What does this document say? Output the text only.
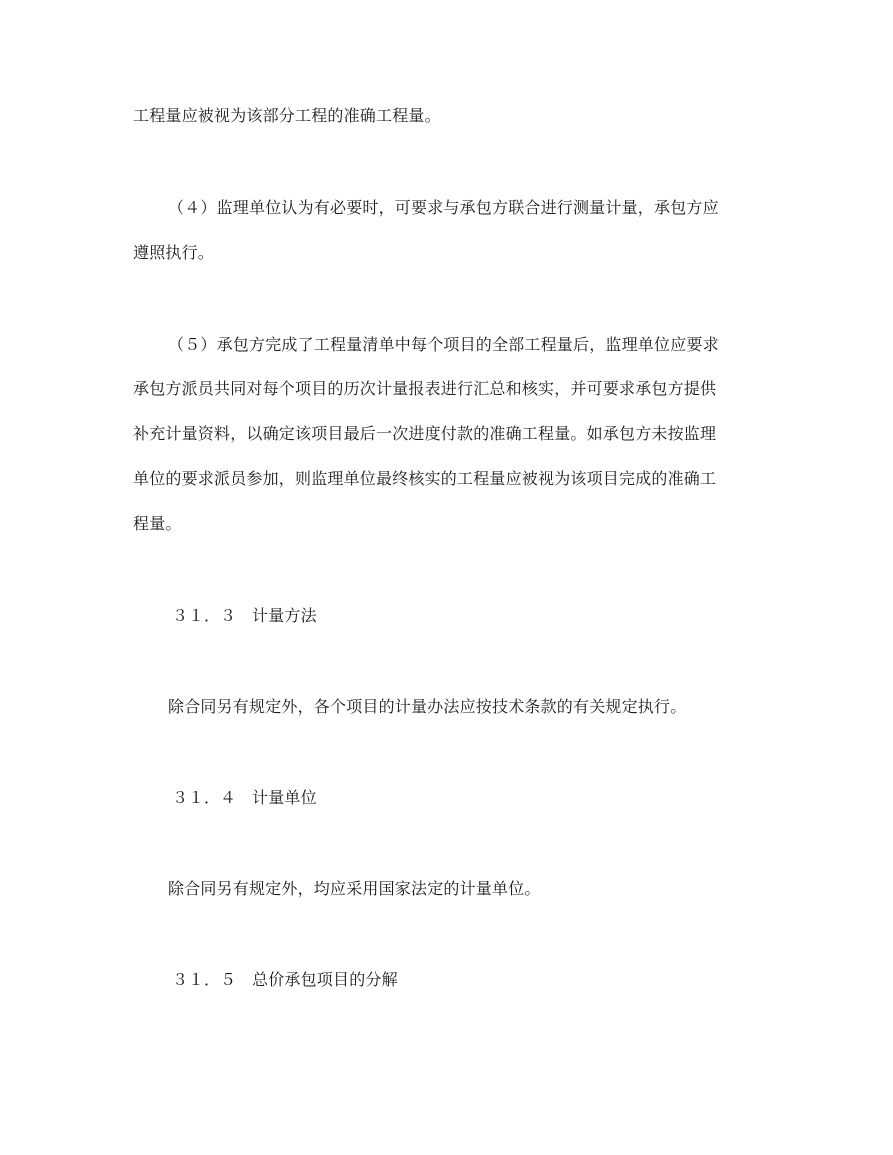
工程量应被视为该部分工程的准确工程量。
（４）监理单位认为有必要时，可要求与承包方联合进行测量计量，承包方应
遵照执行。
（５）承包方完成了工程量清单中每个项目的全部工程量后，监理单位应要求
承包方派员共同对每个项目的历次计量报表进行汇总和核实，并可要求承包方提供
补充计量资料，以确定该项目最后一次进度付款的准确工程量。如承包方未按监理
单位的要求派员参加，则监理单位最终核实的工程量应被视为该项目完成的准确工
程量。
３１．３ 计量方法
除合同另有规定外，各个项目的计量办法应按技术条款的有关规定执行。
３１．４ 计量单位
除合同另有规定外，均应采用国家法定的计量单位。
３１．５ 总价承包项目的分解
